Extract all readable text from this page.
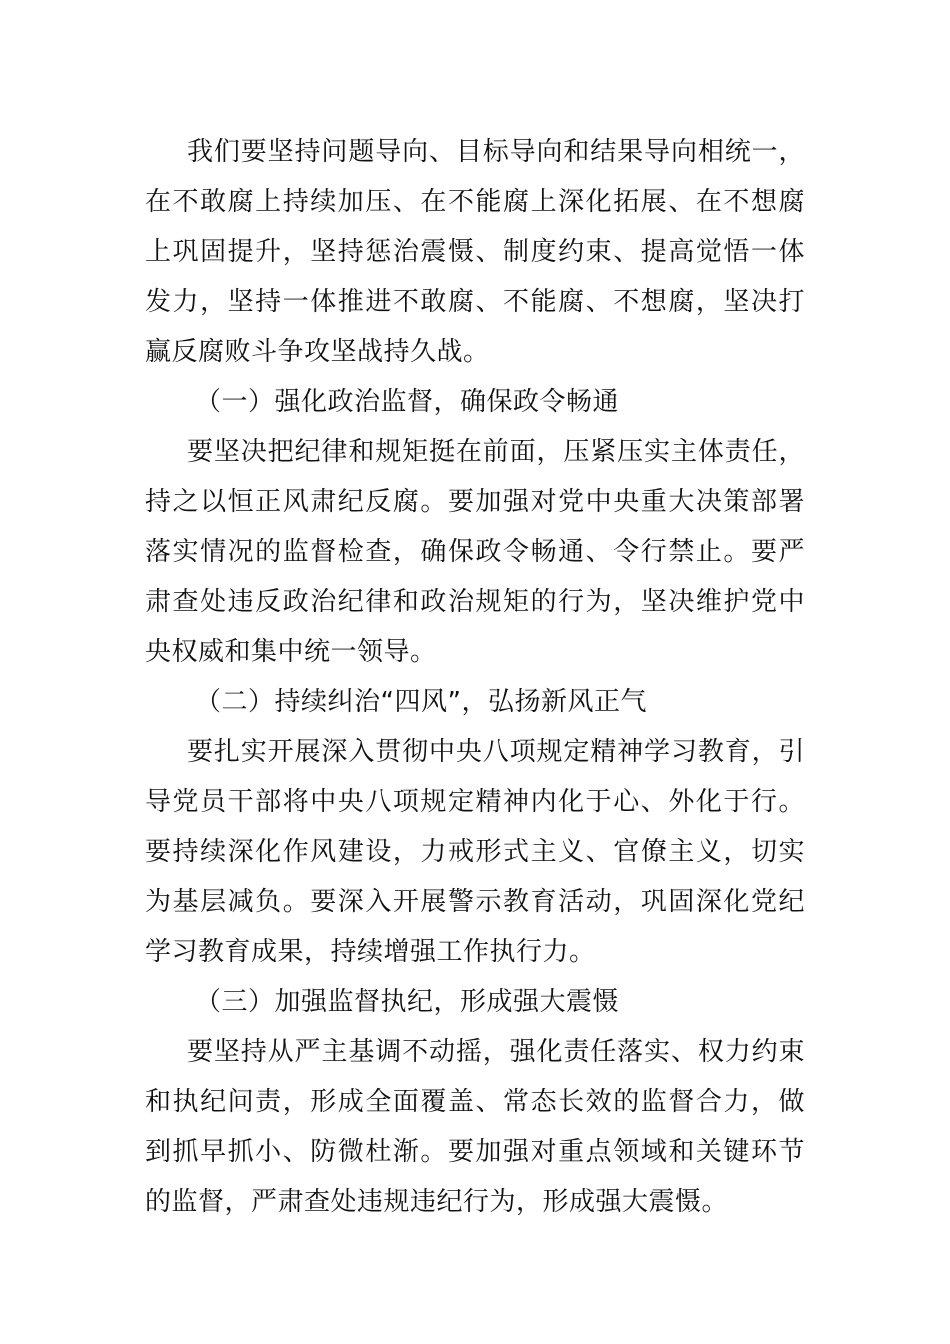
我们要坚持问题导向、目标导向和结果导向相统一，在不敢腐上持续加压、在不能腐上深化拓展、在不想腐上巩固提升，坚持惩治震慑、制度约束、提高觉悟一体发力，坚持一体推进不敢腐、不能腐、不想腐，坚决打赢反腐败斗争攻坚战持久战。

（一）强化政治监督，确保政令畅通

要坚决把纪律和规矩挺在前面，压紧压实主体责任，持之以恒正风肃纪反腐。要加强对党中央重大决策部署落实情况的监督检查，确保政令畅通、令行禁止。要严肃查处违反政治纪律和政治规矩的行为，坚决维护党中央权威和集中统一领导。

（二）持续纠治“四风”，弘扬新风正气

要扎实开展深入贯彻中央八项规定精神学习教育，引导党员干部将中央八项规定精神内化于心、外化于行。要持续深化作风建设，力戒形式主义、官僚主义，切实为基层减负。要深入开展警示教育活动，巩固深化党纪学习教育成果，持续增强工作执行力。

（三）加强监督执纪，形成强大震慑

要坚持从严主基调不动摇，强化责任落实、权力约束和执纪问责，形成全面覆盖、常态长效的监督合力，做到抓早抓小、防微杜渐。要加强对重点领域和关键环节的监督，严肃查处违规违纪行为，形成强大震慑。
